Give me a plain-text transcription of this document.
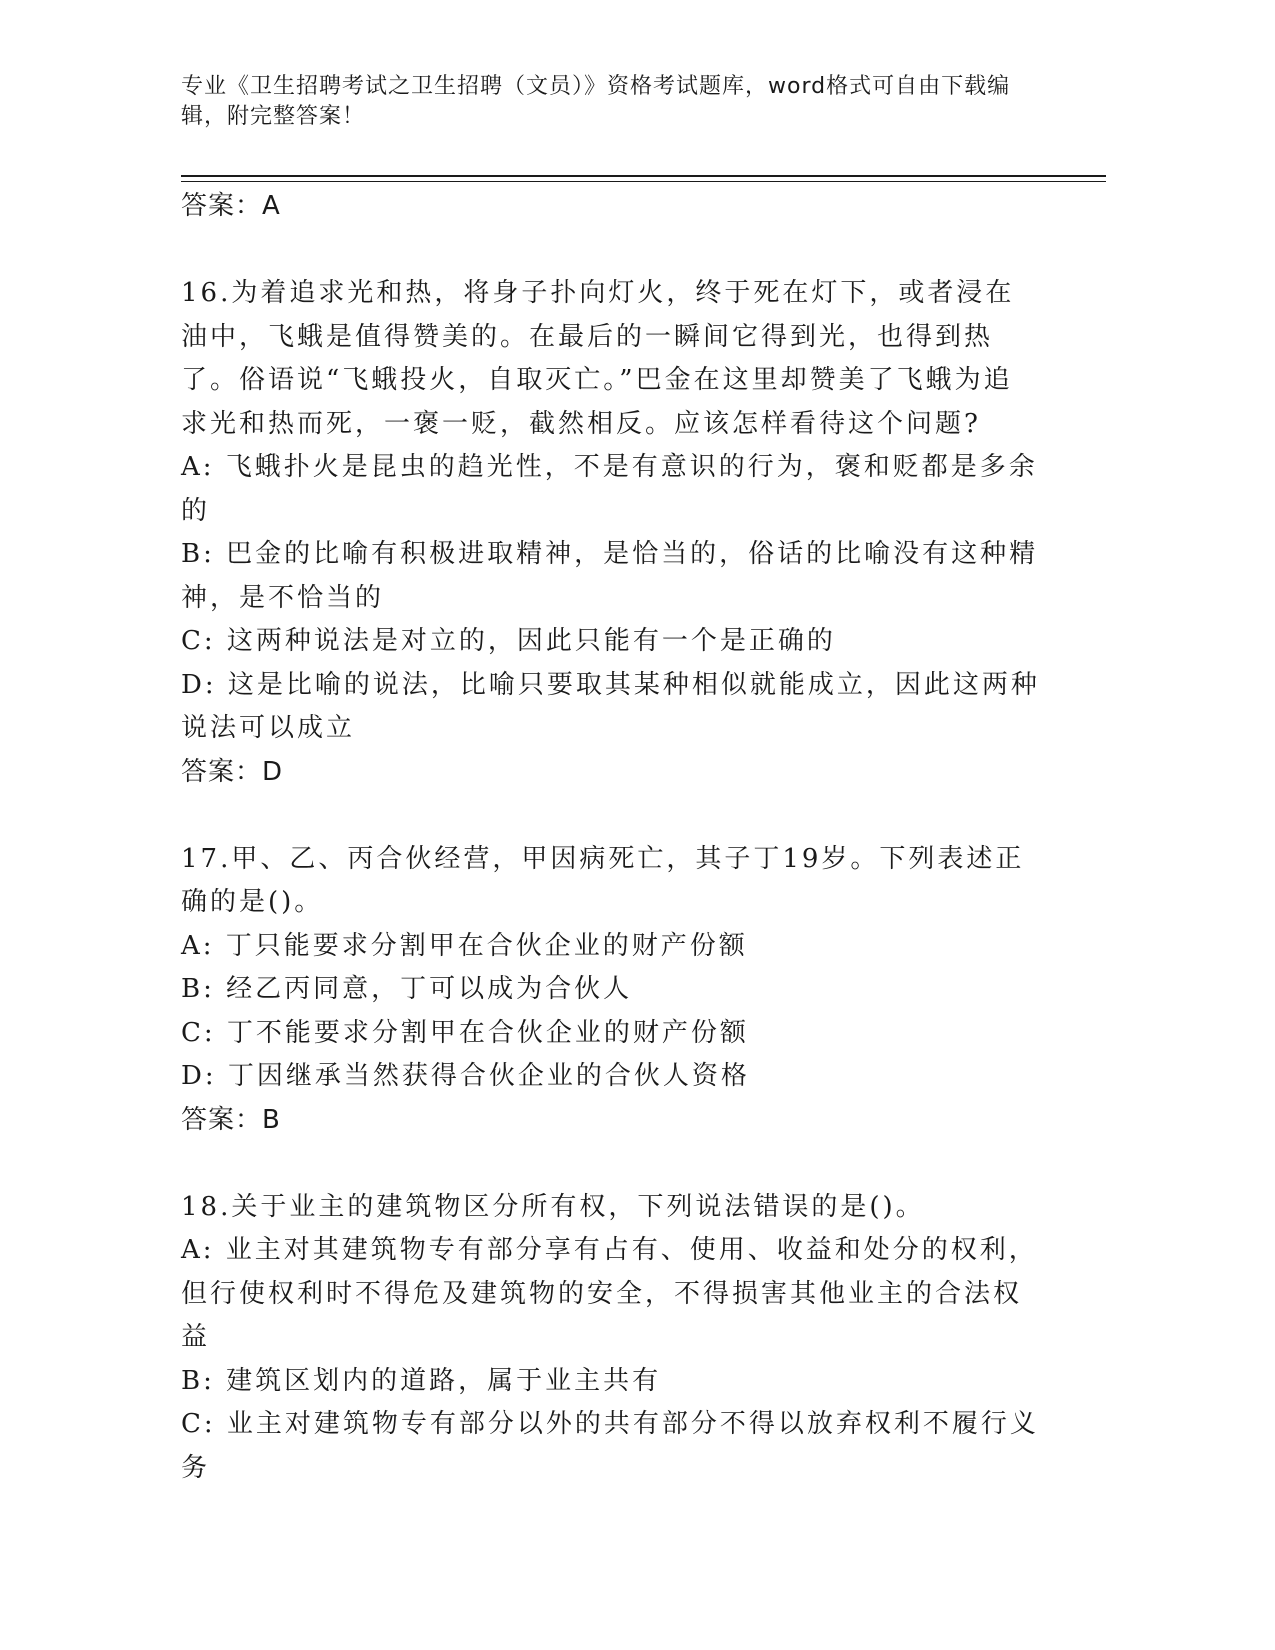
专业《卫生招聘考试之卫生招聘（文员）》资格考试题库，word格式可自由下载编辑，附完整答案！

答案：A

16.为着追求光和热，将身子扑向灯火，终于死在灯下，或者浸在油中，飞蛾是值得赞美的。在最后的一瞬间它得到光，也得到热了。俗语说“飞蛾投火，自取灭亡。”巴金在这里却赞美了飞蛾为追求光和热而死，一褒一贬，截然相反。应该怎样看待这个问题?

A: 飞蛾扑火是昆虫的趋光性，不是有意识的行为，褒和贬都是多余的

B: 巴金的比喻有积极进取精神，是恰当的，俗话的比喻没有这种精神，是不恰当的

C: 这两种说法是对立的，因此只能有一个是正确的

D: 这是比喻的说法，比喻只要取其某种相似就能成立，因此这两种说法可以成立

答案：D

17.甲、乙、丙合伙经营，甲因病死亡，其子丁19岁。下列表述正确的是()。

A: 丁只能要求分割甲在合伙企业的财产份额

B: 经乙丙同意，丁可以成为合伙人

C: 丁不能要求分割甲在合伙企业的财产份额

D: 丁因继承当然获得合伙企业的合伙人资格

答案：B

18.关于业主的建筑物区分所有权，下列说法错误的是()。

A: 业主对其建筑物专有部分享有占有、使用、收益和处分的权利，但行使权利时不得危及建筑物的安全，不得损害其他业主的合法权益

B: 建筑区划内的道路，属于业主共有

C: 业主对建筑物专有部分以外的共有部分不得以放弃权利不履行义务
